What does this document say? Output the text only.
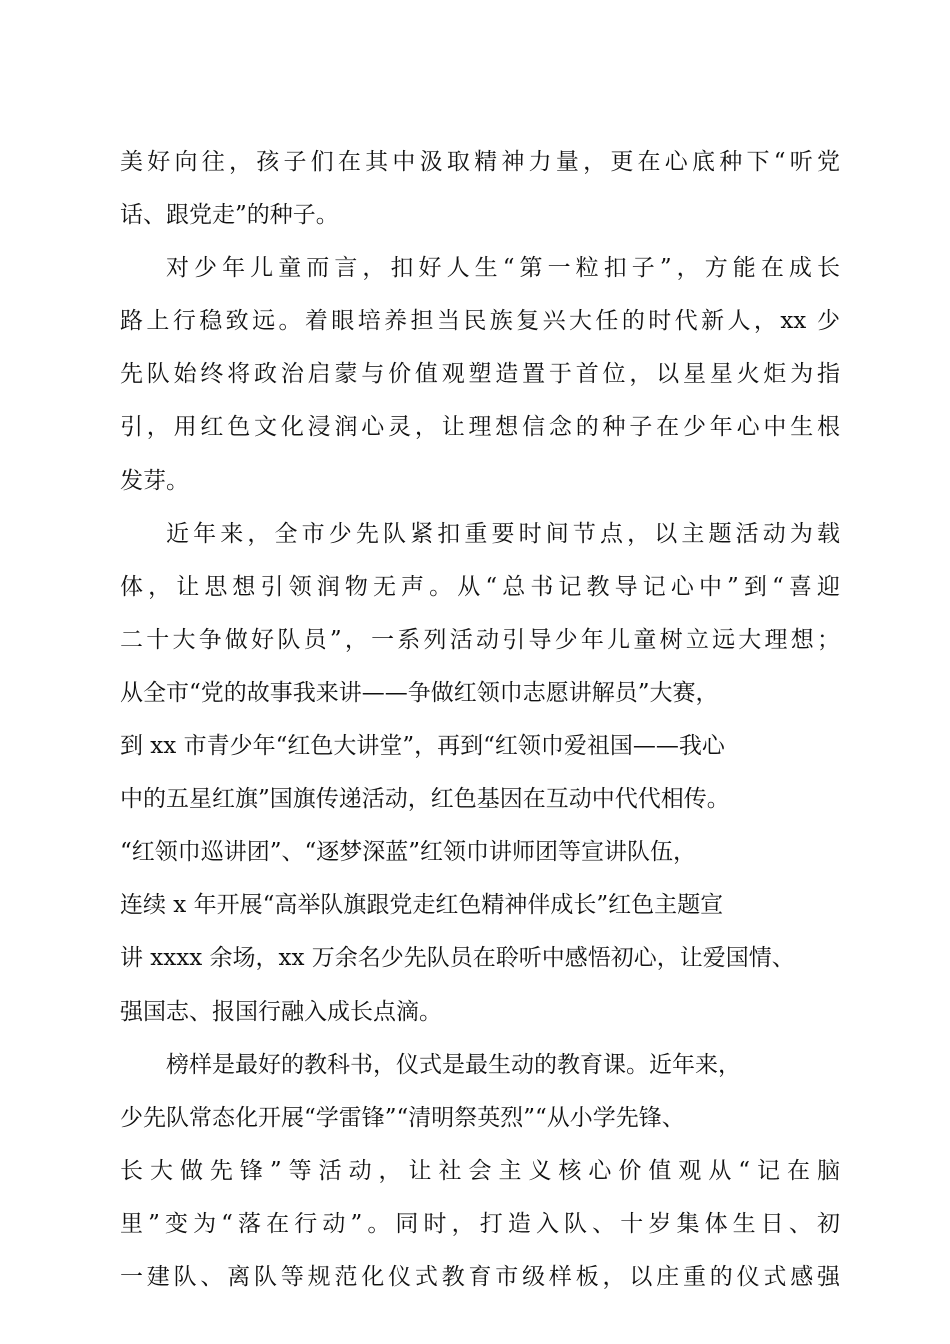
美好向往，孩子们在其中汲取精神力量，更在心底种下“听党
话、跟党走”的种子。
对少年儿童而言，扣好人生“第一粒扣子”，方能在成长
路上行稳致远。着眼培养担当民族复兴大任的时代新人，xx 少
先队始终将政治启蒙与价值观塑造置于首位，以星星火炬为指
引，用红色文化浸润心灵，让理想信念的种子在少年心中生根
发芽。
近年来，全市少先队紧扣重要时间节点，以主题活动为载
体，让思想引领润物无声。从“总书记教导记心中”到“喜迎
二十大争做好队员”，一系列活动引导少年儿童树立远大理想；
从全市“党的故事我来讲——争做红领巾志愿讲解员”大赛，
到 xx 市青少年“红色大讲堂”，再到“红领巾爱祖国——我心
中的五星红旗”国旗传递活动，红色基因在互动中代代相传。
“红领巾巡讲团”、“逐梦深蓝”红领巾讲师团等宣讲队伍，
连续 x 年开展“高举队旗跟党走红色精神伴成长”红色主题宣
讲 xxxx 余场，xx 万余名少先队员在聆听中感悟初心，让爱国情、
强国志、报国行融入成长点滴。
榜样是最好的教科书，仪式是最生动的教育课。近年来，
少先队常态化开展“学雷锋”“清明祭英烈”“从小学先锋、
长大做先锋”等活动，让社会主义核心价值观从“记在脑
里”变为“落在行动”。同时，打造入队、十岁集体生日、初
一建队、离队等规范化仪式教育市级样板，以庄重的仪式感强
